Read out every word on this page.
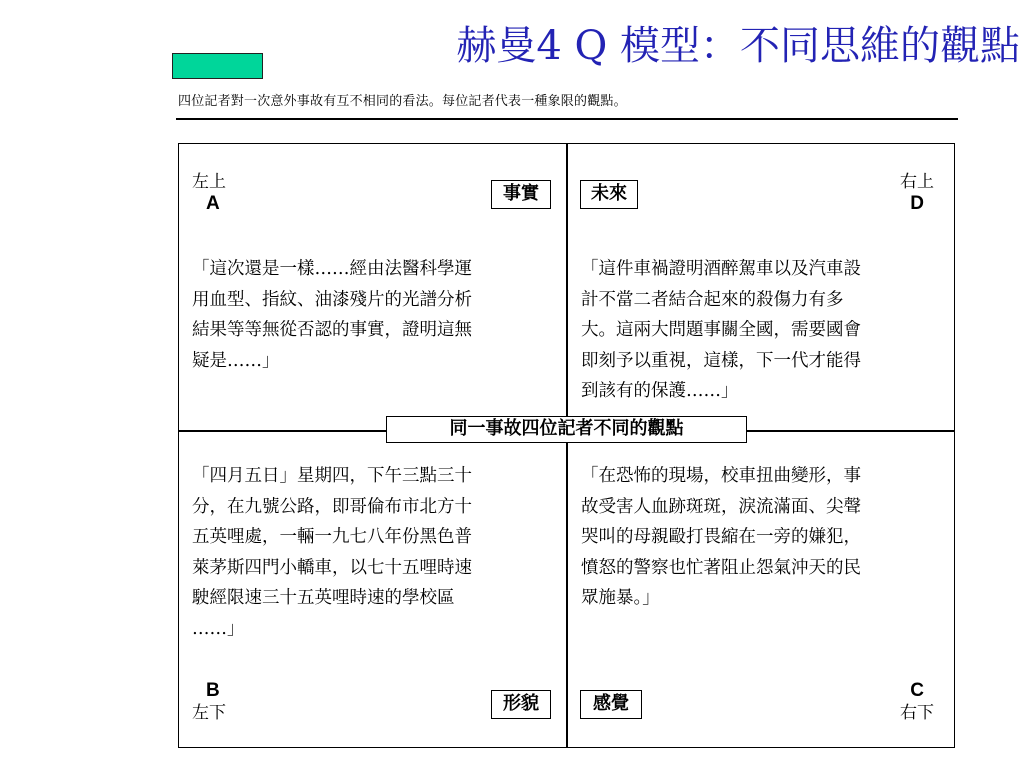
赫曼4 Q 模型：不同思維的觀點
四位記者對一次意外事故有互不相同的看法。每位記者代表一種象限的觀點。
左上
A	事實
「這次還是一樣……經由法醫科學運
用血型、指紋、油漆殘片的光譜分析
結果等等無從否認的事實，證明這無
疑是……」
未來
右上
D
「這件車禍證明酒醉駕車以及汽車設
計不當二者結合起來的殺傷力有多
大。這兩大問題事關全國，需要國會
即刻予以重視，這樣，下一代才能得
到該有的保護……」
同一事故四位記者不同的觀點
「四月五日」星期四，下午三點三十
分，在九號公路，即哥倫布市北方十
五英哩處，一輛一九七八年份黑色普
萊茅斯四門小轎車，以七十五哩時速
駛經限速三十五英哩時速的學校區
……」
B
左下	形貌
「在恐怖的現場，校車扭曲變形，事
故受害人血跡斑斑，淚流滿面、尖聲
哭叫的母親毆打畏縮在一旁的嫌犯，
憤怒的警察也忙著阻止怨氣沖天的民
眾施暴。」
感覺
C
右下
